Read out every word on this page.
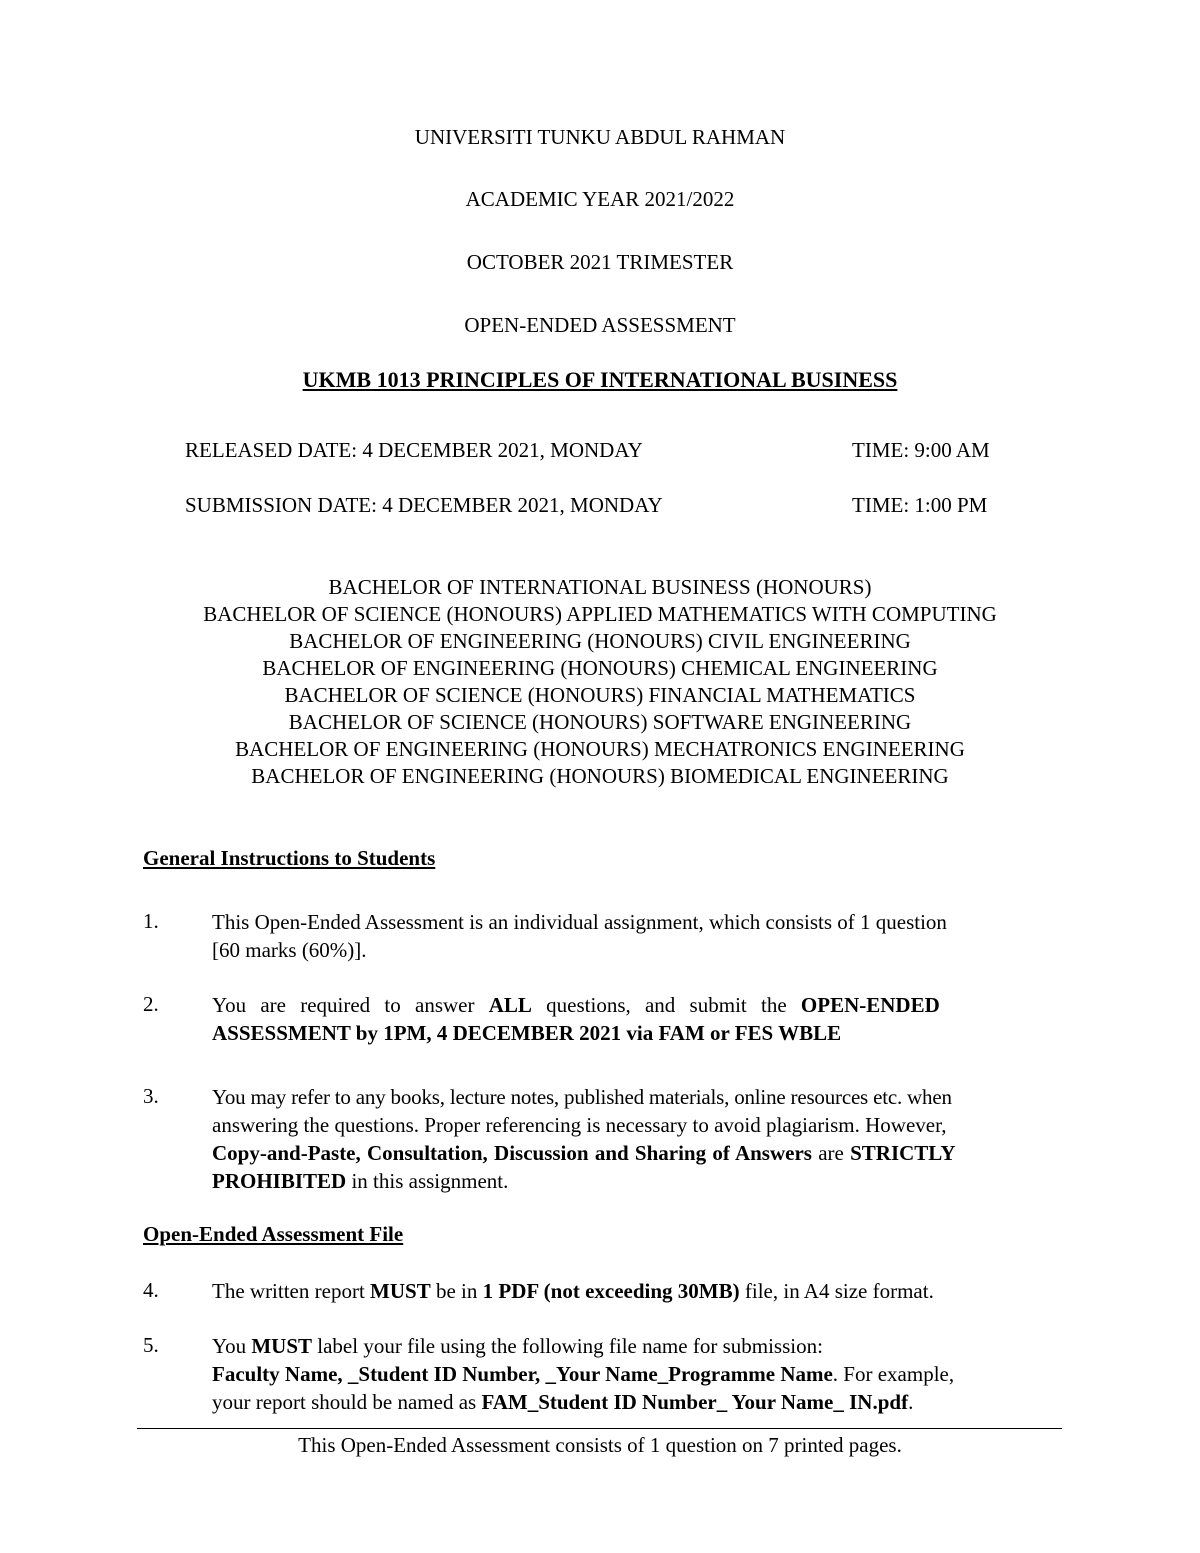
UNIVERSITI TUNKU ABDUL RAHMAN
ACADEMIC YEAR 2021/2022
OCTOBER 2021 TRIMESTER
OPEN-ENDED ASSESSMENT
UKMB 1013 PRINCIPLES OF INTERNATIONAL BUSINESS
RELEASED DATE: 4 DECEMBER 2021, MONDAY	TIME: 9:00 AM
SUBMISSION DATE: 4 DECEMBER 2021, MONDAY	TIME: 1:00 PM
BACHELOR OF INTERNATIONAL BUSINESS (HONOURS)
BACHELOR OF SCIENCE (HONOURS) APPLIED MATHEMATICS WITH COMPUTING
BACHELOR OF ENGINEERING (HONOURS) CIVIL ENGINEERING
BACHELOR OF ENGINEERING (HONOURS) CHEMICAL ENGINEERING
BACHELOR OF SCIENCE (HONOURS) FINANCIAL MATHEMATICS
BACHELOR OF SCIENCE (HONOURS) SOFTWARE ENGINEERING
BACHELOR OF ENGINEERING (HONOURS) MECHATRONICS ENGINEERING
BACHELOR OF ENGINEERING (HONOURS) BIOMEDICAL ENGINEERING
General Instructions to Students
1.	This Open-Ended Assessment is an individual assignment, which consists of 1 question
[60 marks (60%)].
2.	You are required to answer ALL questions, and submit the OPEN-ENDED
ASSESSMENT by 1PM, 4 DECEMBER 2021 via FAM or FES WBLE
3.	You may refer to any books, lecture notes, published materials, online resources etc. when
answering the questions. Proper referencing is necessary to avoid plagiarism. However,
Copy-and-Paste, Consultation, Discussion and Sharing of Answers are STRICTLY
PROHIBITED in this assignment.
Open-Ended Assessment File
4.	The written report MUST be in 1 PDF (not exceeding 30MB) file, in A4 size format.
5.	You MUST label your file using the following file name for submission:
Faculty Name, _Student ID Number, _Your Name_Programme Name. For example,
your report should be named as FAM_Student ID Number_ Your Name_ IN.pdf.
This Open-Ended Assessment consists of 1 question on 7 printed pages.
